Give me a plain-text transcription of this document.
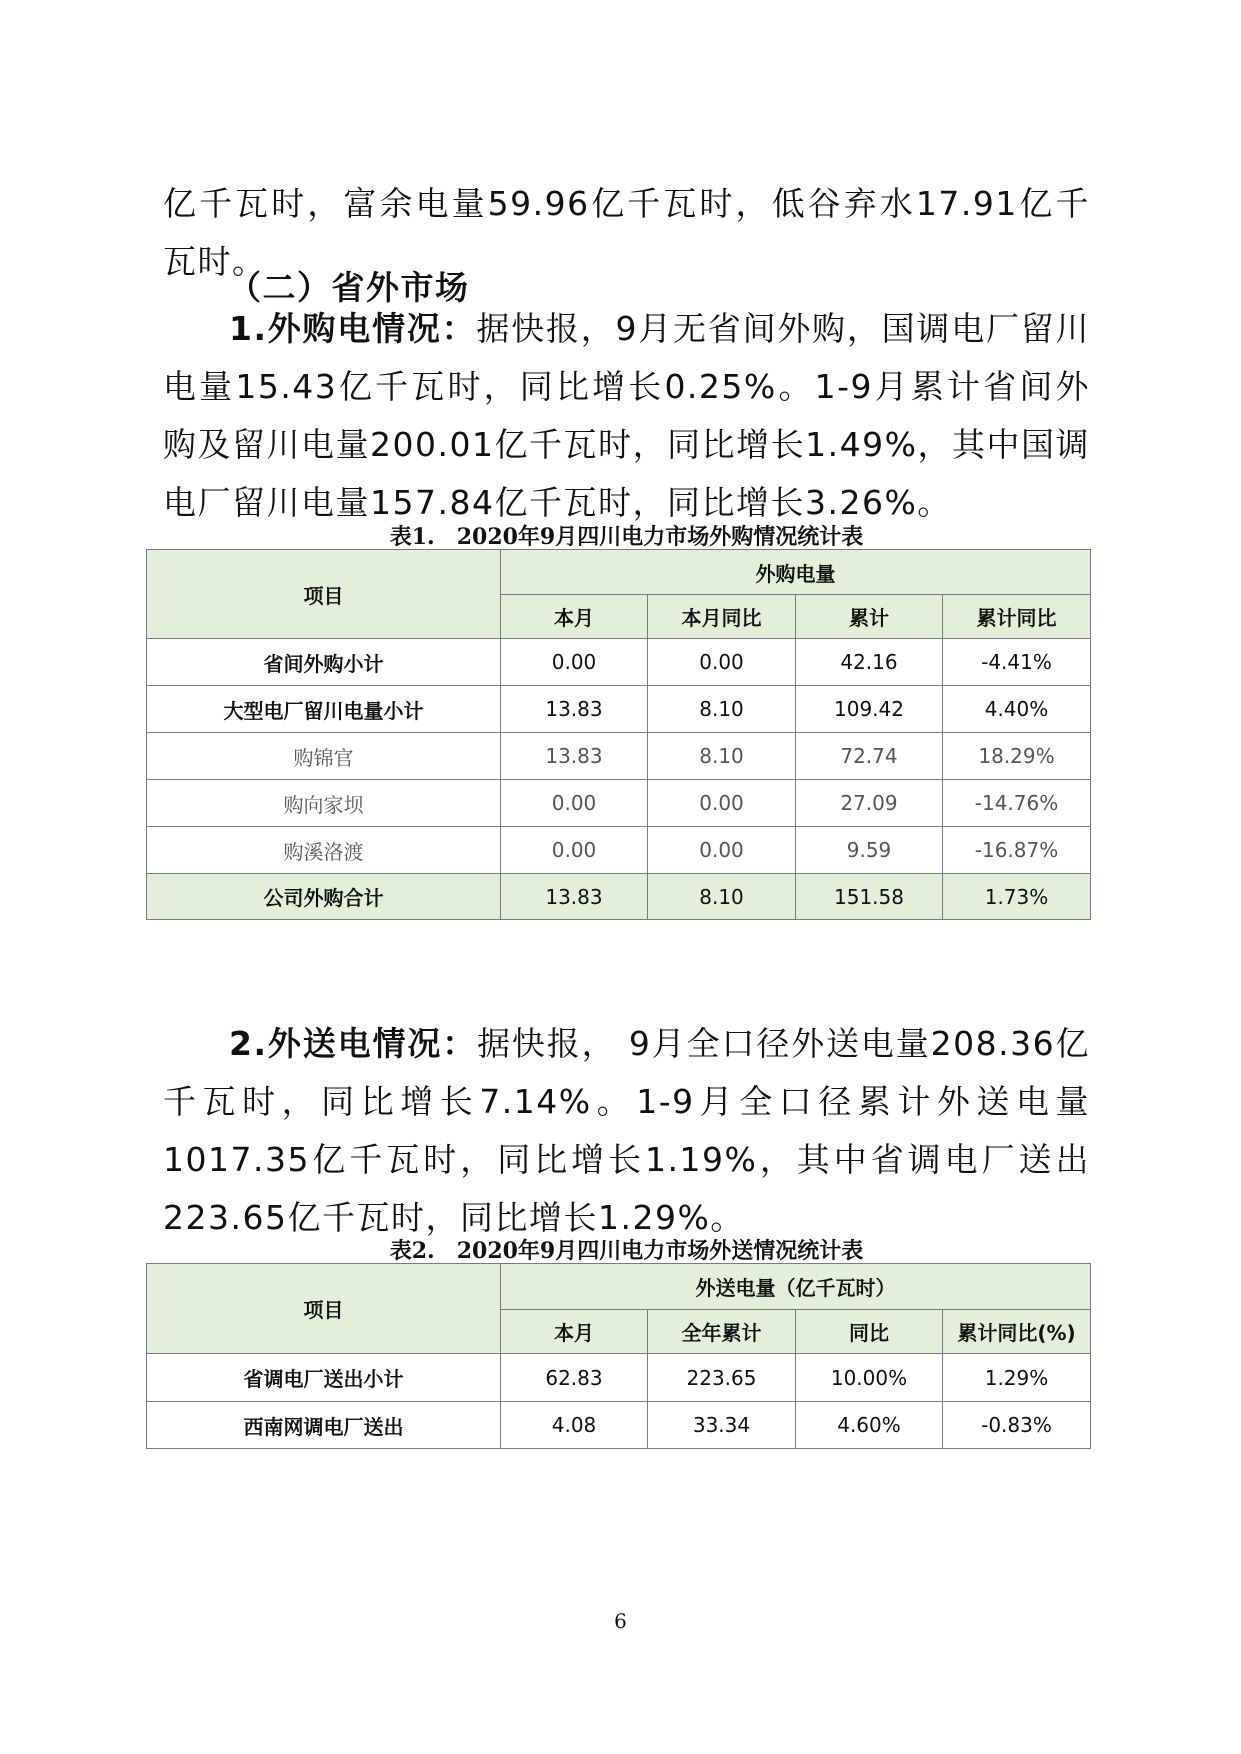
亿千瓦时，富余电量59.96亿千瓦时，低谷弃水17.91亿千瓦时。

（二）省外市场

1.外购电情况：据快报，9月无省间外购，国调电厂留川电量15.43亿千瓦时，同比增长0.25%。1-9月累计省间外购及留川电量200.01亿千瓦时，同比增长1.49%，其中国调电厂留川电量157.84亿千瓦时，同比增长3.26%。

表1. 2020年9月四川电力市场外购情况统计表

项目	外购电量			
	本月	本月同比	累计	累计同比
省间外购小计	0.00	0.00	42.16	-4.41%
大型电厂留川电量小计	13.83	8.10	109.42	4.40%
购锦官	13.83	8.10	72.74	18.29%
购向家坝	0.00	0.00	27.09	-14.76%
购溪洛渡	0.00	0.00	9.59	-16.87%
公司外购合计	13.83	8.10	151.58	1.73%

2.外送电情况：据快报， 9月全口径外送电量208.36亿千瓦时，同比增长7.14%。1-9月全口径累计外送电量1017.35亿千瓦时，同比增长1.19%，其中省调电厂送出223.65亿千瓦时，同比增长1.29%。

表2. 2020年9月四川电力市场外送情况统计表

项目	外送电量（亿千瓦时）			
	本月	全年累计	同比	累计同比(%)
省调电厂送出小计	62.83	223.65	10.00%	1.29%
西南网调电厂送出	4.08	33.34	4.60%	-0.83%
6
